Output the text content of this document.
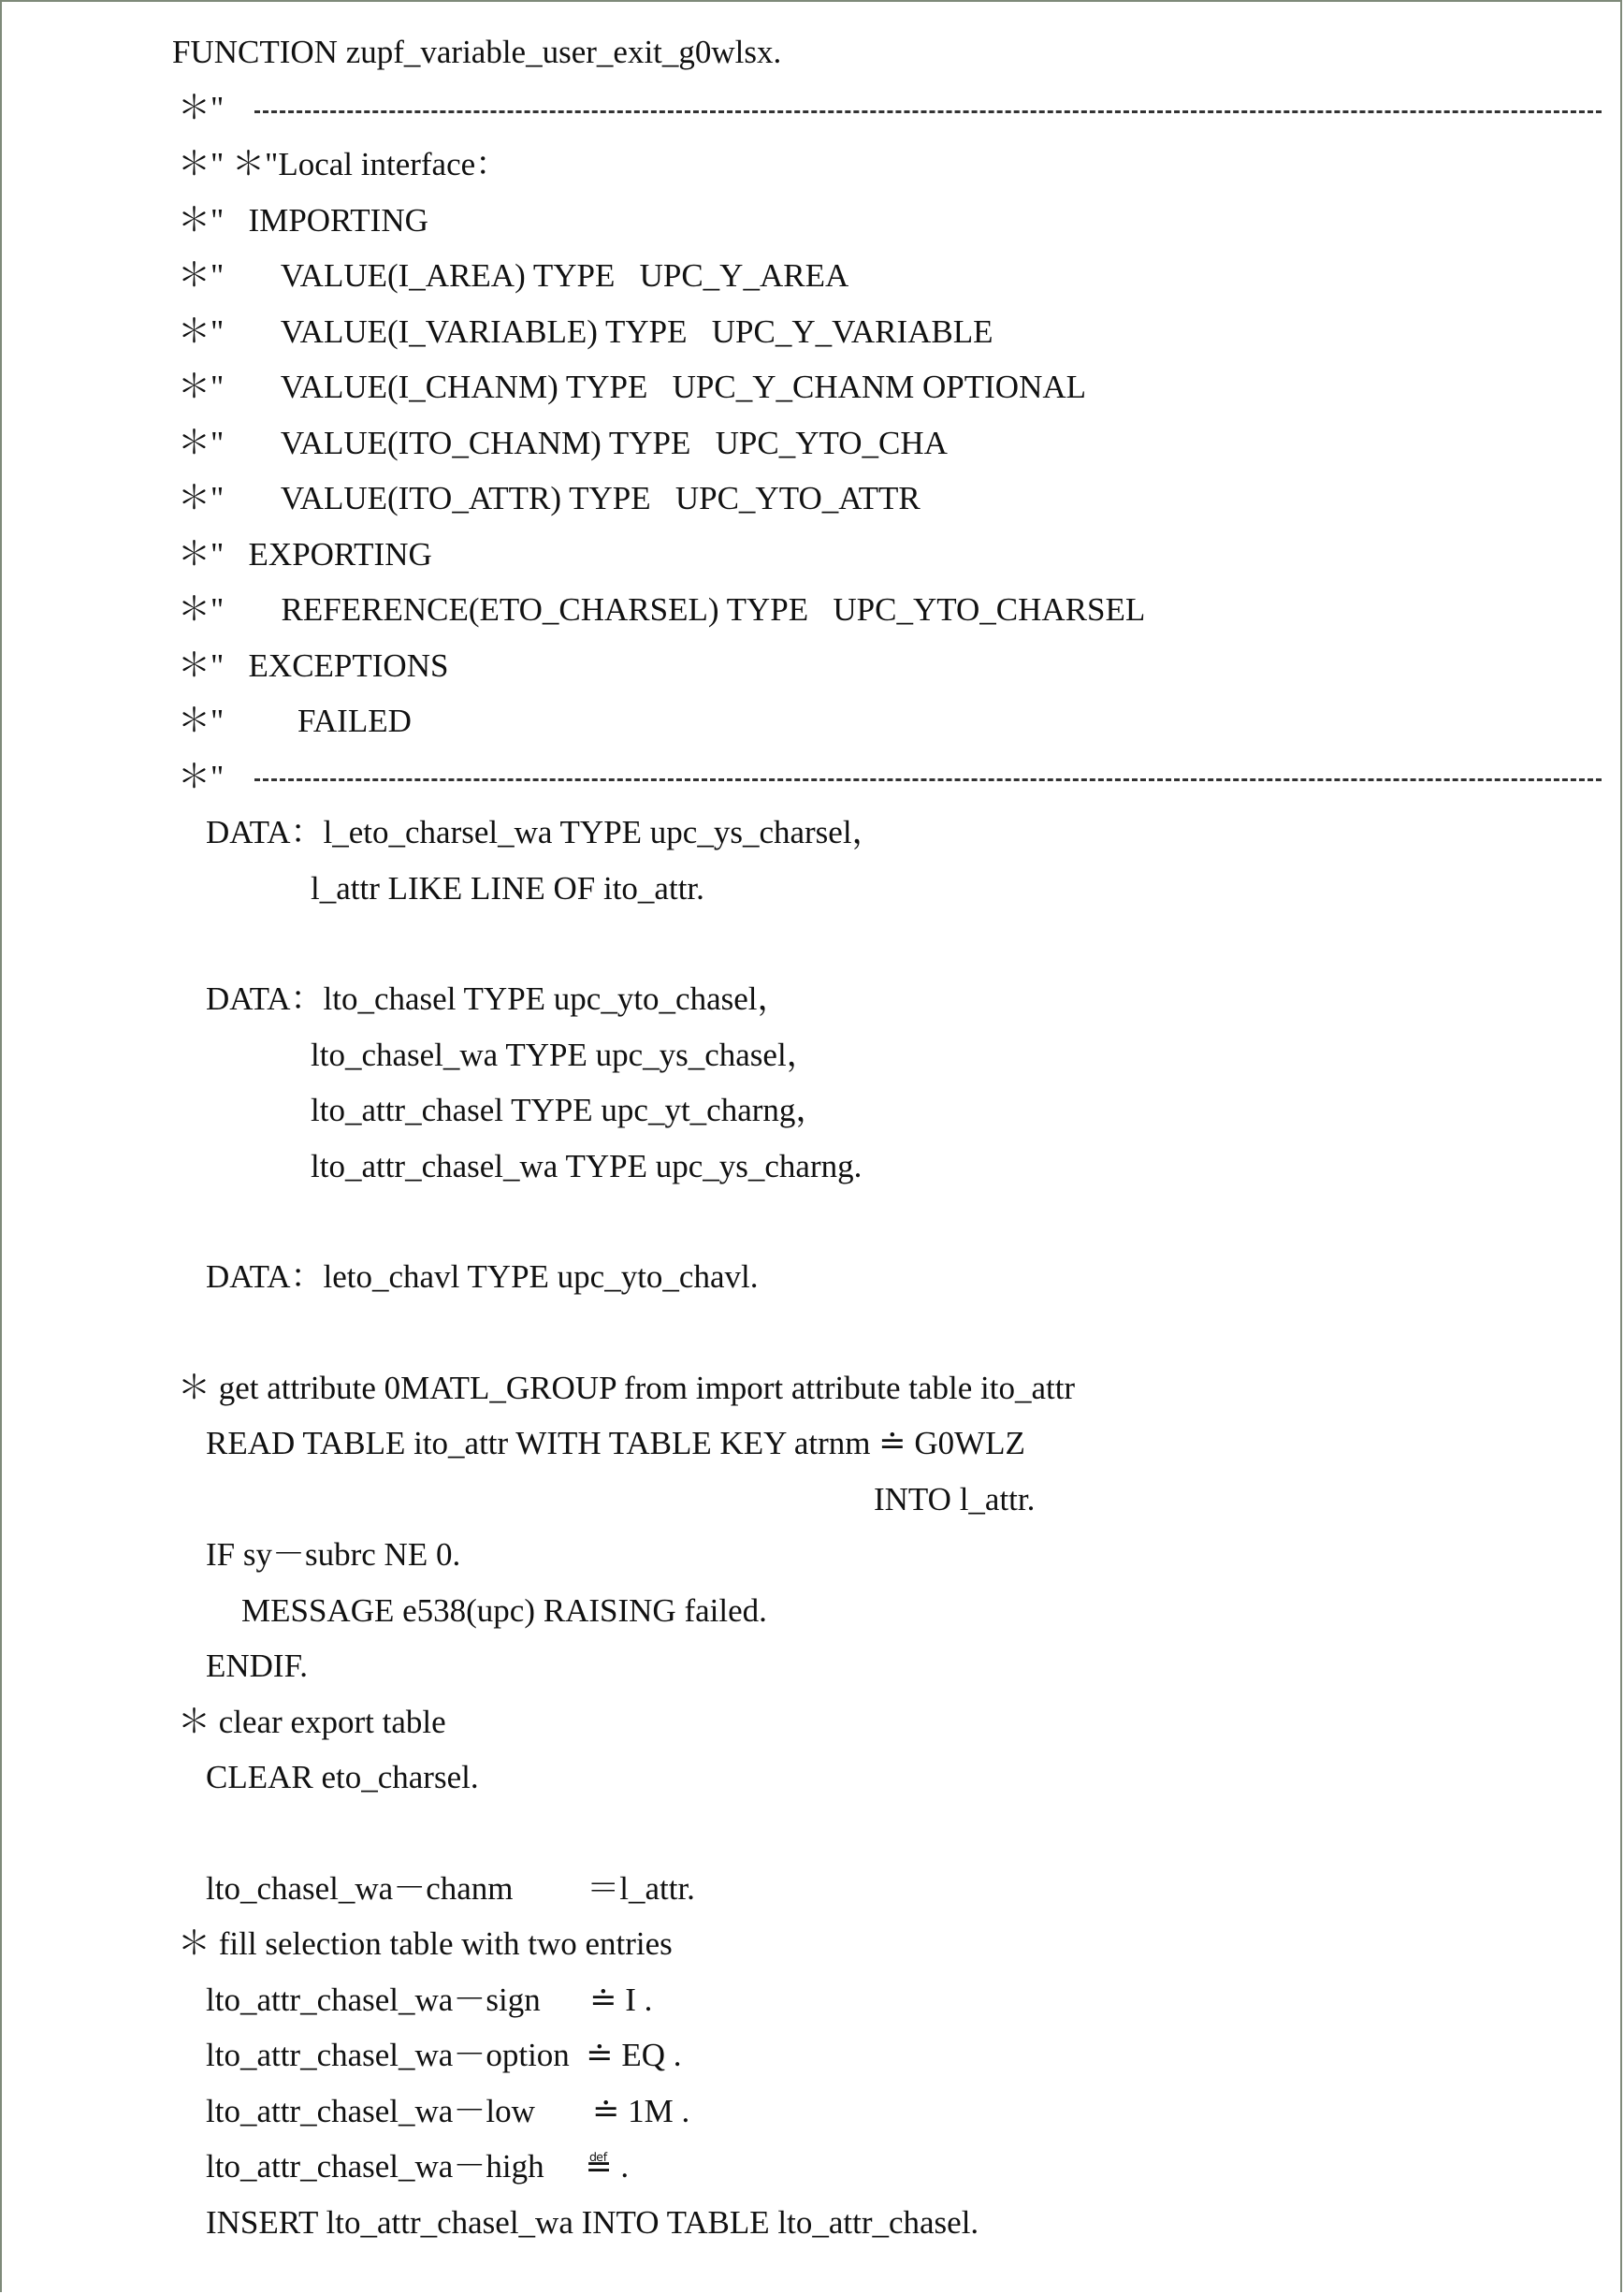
FUNCTION zupf_variable_user_exit_g0wlsx.
＊"
＊" ＊"Local interface：
＊"   IMPORTING
＊"       VALUE(I_AREA) TYPE   UPC_Y_AREA
＊"       VALUE(I_VARIABLE) TYPE   UPC_Y_VARIABLE
＊"       VALUE(I_CHANM) TYPE   UPC_Y_CHANM OPTIONAL
＊"       VALUE(ITO_CHANM) TYPE   UPC_YTO_CHA
＊"       VALUE(ITO_ATTR) TYPE   UPC_YTO_ATTR
＊"   EXPORTING
＊"       REFERENCE(ETO_CHARSEL) TYPE   UPC_YTO_CHARSEL
＊"   EXCEPTIONS
＊"         FAILED
＊"
DATA：l_eto_charsel_wa TYPE upc_ys_charsel，
l_attr LIKE LINE OF ito_attr.
DATA：lto_chasel TYPE upc_yto_chasel，
lto_chasel_wa TYPE upc_ys_chasel，
lto_attr_chasel TYPE upc_yt_charng，
lto_attr_chasel_wa TYPE upc_ys_charng.
DATA：leto_chavl TYPE upc_yto_chavl.
＊ get attribute 0MATL_GROUP from import attribute table ito_attr
READ TABLE ito_attr WITH TABLE KEY atrnm ≐ G0WLZ
INTO l_attr.
IF sy－subrc NE 0.
MESSAGE e538(upc) RAISING failed.
ENDIF.
＊ clear export table
CLEAR eto_charsel.
lto_chasel_wa－chanm         ＝l_attr.
＊ fill selection table with two entries
lto_attr_chasel_wa－sign      ≐ I .
lto_attr_chasel_wa－option  ≐ EQ .
lto_attr_chasel_wa－low       ≐ 1M .
lto_attr_chasel_wa－high     ≝ .
INSERT lto_attr_chasel_wa INTO TABLE lto_attr_chasel.
